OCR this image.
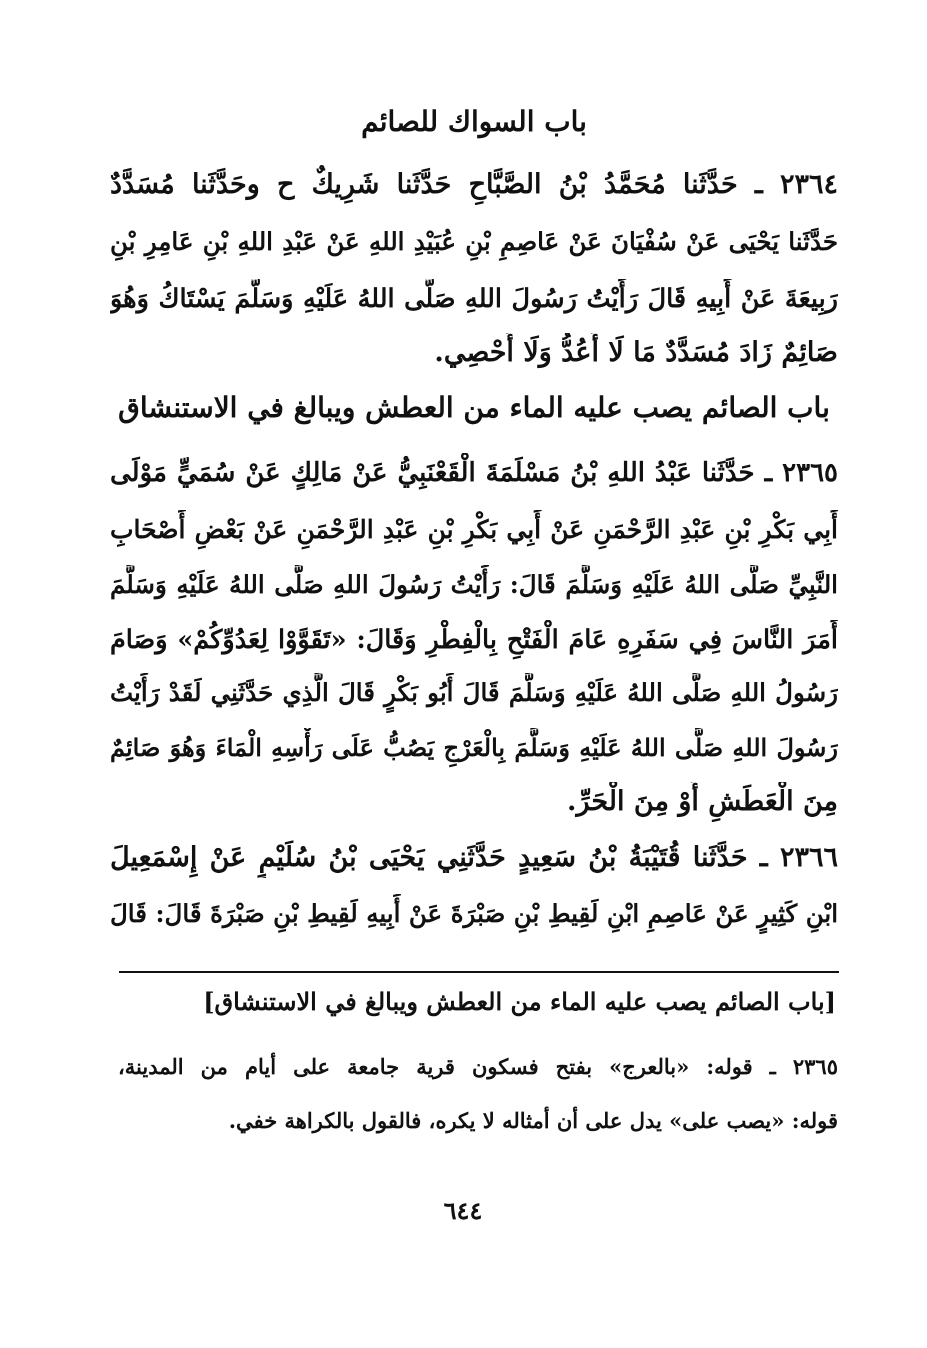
باب السواك للصائم
٢٣٦٤ ـ حَدَّثَنا مُحَمَّدُ بْنُ الصَّبَّاحِ حَدَّثَنا شَرِيكٌ ح وحَدَّثَنا مُسَدَّدٌ
حَدَّثَنا يَحْيَى عَنْ سُفْيَانَ عَنْ عَاصِمِ بْنِ عُبَيْدِ اللهِ عَنْ عَبْدِ اللهِ بْنِ عَامِرِ بْنِ
رَبِيعَةَ عَنْ أَبِيهِ قَالَ رَأَيْتُ رَسُولَ اللهِ صَلَّى اللهُ عَلَيْهِ وَسَلَّمَ يَسْتَاكُ وَهُوَ
صَائِمٌ زَادَ مُسَدَّدٌ مَا لَا أَعُدُّ وَلَا أُحْصِي.
باب الصائم يصب عليه الماء من العطش ويبالغ في الاستنشاق
٢٣٦٥ ـ حَدَّثَنا عَبْدُ اللهِ بْنُ مَسْلَمَةَ الْقَعْنَبِيُّ عَنْ مَالِكٍ عَنْ سُمَيٍّ مَوْلَى
أَبِي بَكْرِ بْنِ عَبْدِ الرَّحْمَنِ عَنْ أَبِي بَكْرِ بْنِ عَبْدِ الرَّحْمَنِ عَنْ بَعْضِ أَصْحَابِ
النَّبِيِّ صَلَّى اللهُ عَلَيْهِ وَسَلَّمَ قَالَ: رَأَيْتُ رَسُولَ اللهِ صَلَّى اللهُ عَلَيْهِ وَسَلَّمَ
أَمَرَ النَّاسَ فِي سَفَرِهِ عَامَ الْفَتْحِ بِالْفِطْرِ وَقَالَ: «تَقَوَّوْا لِعَدُوِّكُمْ» وَصَامَ
رَسُولُ اللهِ صَلَّى اللهُ عَلَيْهِ وَسَلَّمَ قَالَ أَبُو بَكْرٍ قَالَ الَّذِي حَدَّثَنِي لَقَدْ رَأَيْتُ
رَسُولَ اللهِ صَلَّى اللهُ عَلَيْهِ وَسَلَّمَ بِالْعَرْجِ يَصُبُّ عَلَى رَأْسِهِ الْمَاءَ وَهُوَ صَائِمٌ
مِنَ الْعَطَشِ أَوْ مِنَ الْحَرِّ.
٢٣٦٦ ـ حَدَّثَنا قُتَيْبَةُ بْنُ سَعِيدٍ حَدَّثَنِي يَحْيَى بْنُ سُلَيْمٍ عَنْ إِسْمَعِيلَ
ابْنِ كَثِيرٍ عَنْ عَاصِمِ ابْنِ لَقِيطِ بْنِ صَبْرَةَ عَنْ أَبِيهِ لَقِيطِ بْنِ صَبْرَةَ قَالَ: قَالَ
[باب الصائم يصب عليه الماء من العطش ويبالغ في الاستنشاق]
٢٣٦٥ ـ قوله: «بالعرج» بفتح فسكون قرية جامعة على أيام من المدينة،
قوله: «يصب على» يدل على أن أمثاله لا يكره، فالقول بالكراهة خفي.
٦٤٤
